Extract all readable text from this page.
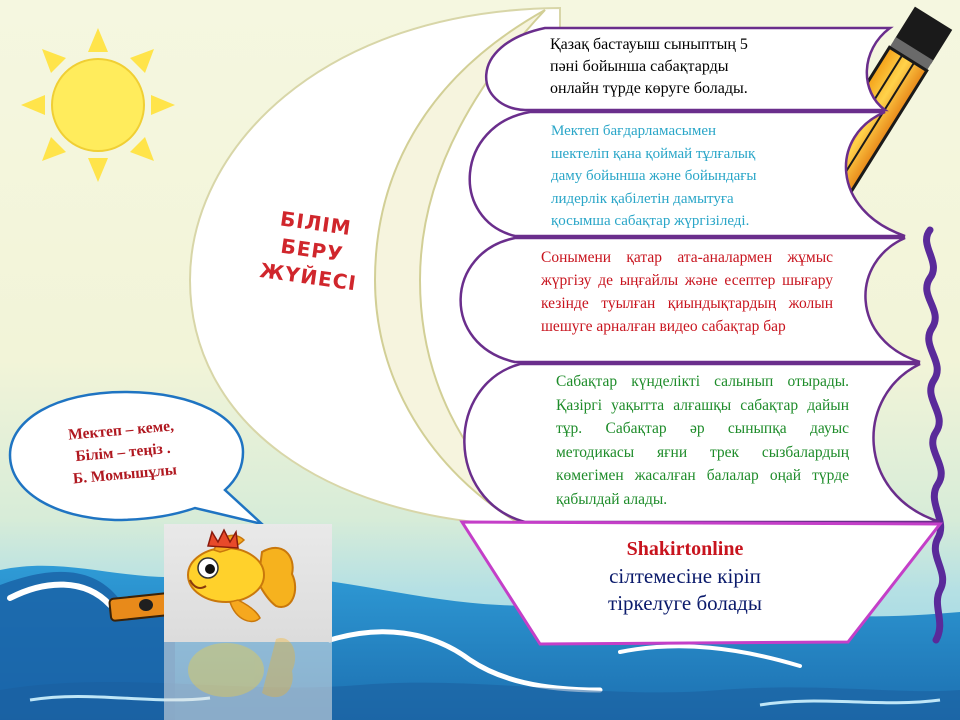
БІЛІМ
БЕРУ
ЖҮЙЕСІ
Қазақ бастауыш сыныптың 5
пәні бойынша сабақтарды
онлайн түрде көруге болады.
Мектеп бағдарламасымен
шектеліп қана қоймай тұлғалық
даму бойынша және бойындағы
лидерлік қабілетін дамытуға
қосымша сабақтар жүргізіледі.

Сонымени қатар ата-аналармен жұмыс жүргізу де ыңғайлы және есептер шығару кезінде туылған қиындықтардың жолын шешуге арналған видео сабақтар бар

Сабақтар күнделікті салынып отырады. Қазіргі уақытта алғашқы сабақтар дайын тұр. Сабақтар әр сыныпқа дауыс методикасы яғни трек сызбалардың көмегімен жасалған балалар оңай түрде қабылдай алады.

Shakirtonline
сілтемесіне кіріп
тіркелуге болады
Мектеп – кеме,
Білім – теңіз .
Б. Момышұлы
